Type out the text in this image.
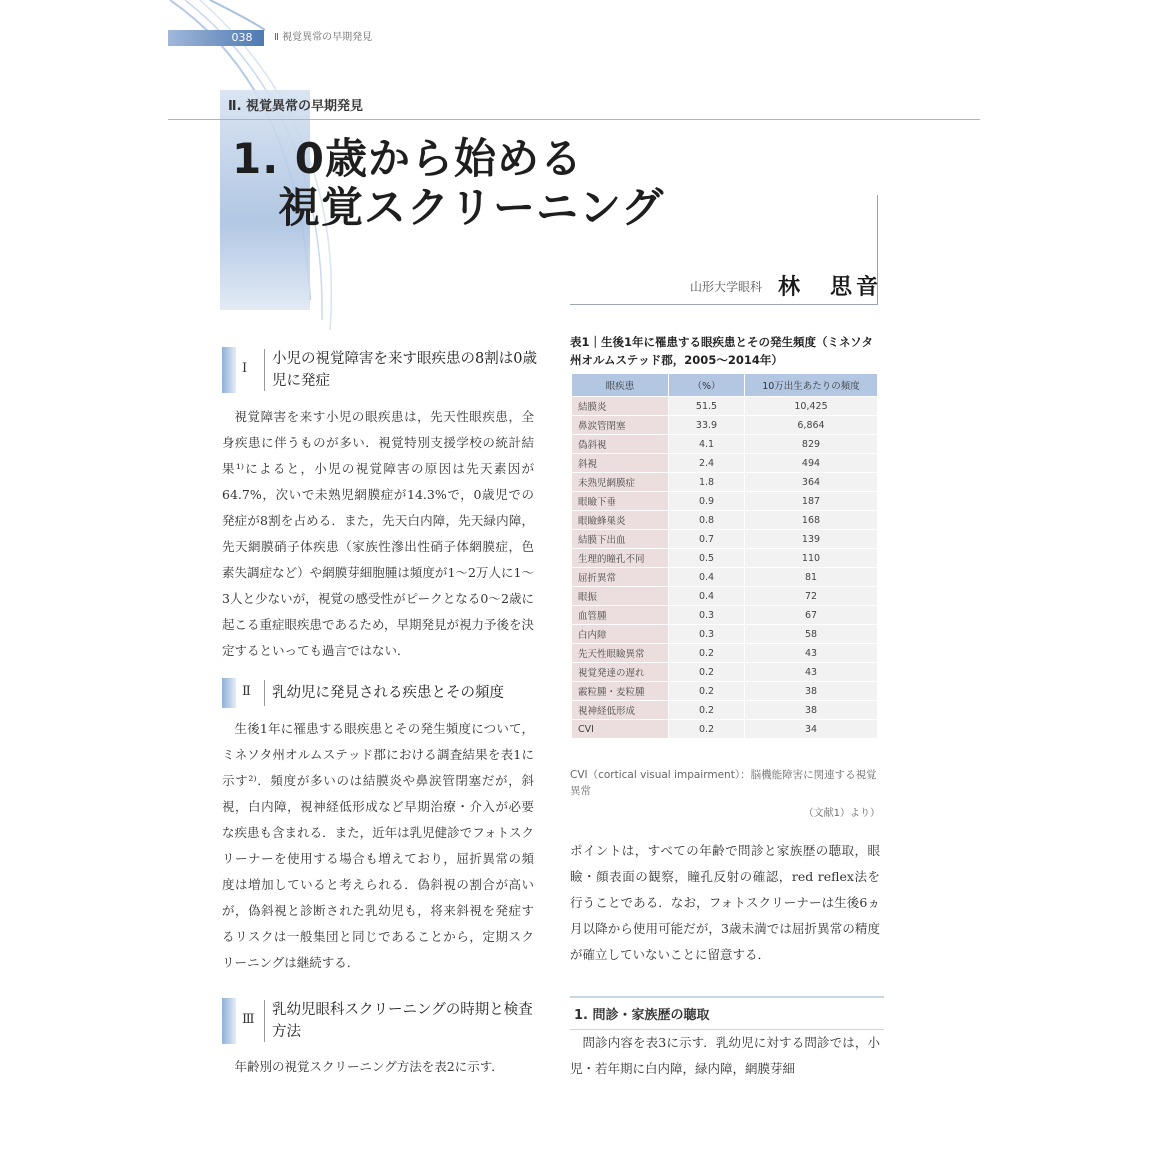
038	Ⅱ 視覚異常の早期発見
Ⅱ. 視覚異常の早期発見
1. 0歳から始める
視覚スクリーニング
山形大学眼科 林　思音
Ⅰ
小児の視覚障害を来す眼疾患の8割は0歳児に発症

視覚障害を来す小児の眼疾患は，先天性眼疾患，全身疾患に伴うものが多い．視覚特別支援学校の統計結果¹⁾によると，小児の視覚障害の原因は先天素因が64.7%，次いで未熟児網膜症が14.3%で，0歳児での発症が8割を占める．また，先天白内障，先天緑内障，先天網膜硝子体疾患（家族性滲出性硝子体網膜症，色素失調症など）や網膜芽細胞腫は頻度が1～2万人に1～3人と少ないが，視覚の感受性がピークとなる0～2歳に起こる重症眼疾患であるため，早期発見が視力予後を決定するといっても過言ではない．

Ⅱ 乳幼児に発見される疾患とその頻度

生後1年に罹患する眼疾患とその発生頻度について，ミネソタ州オルムステッド郡における調査結果を表1に示す²⁾．頻度が多いのは結膜炎や鼻涙管閉塞だが，斜視，白内障，視神経低形成など早期治療・介入が必要な疾患も含まれる．また，近年は乳児健診でフォトスクリーナーを使用する場合も増えており，屈折異常の頻度は増加していると考えられる．偽斜視の割合が高いが，偽斜視と診断された乳幼児も，将来斜視を発症するリスクは一般集団と同じであることから，定期スクリーニングは継続する．

Ⅲ
乳幼児眼科スクリーニングの時期と検査方法

年齢別の視覚スクリーニング方法を表2に示す．

表1｜生後1年に罹患する眼疾患とその発生頻度（ミネソタ州オルムステッド郡，2005～2014年）
眼疾患	（%）	10万出生あたりの頻度
結膜炎	51.5	10,425
鼻涙管閉塞	33.9	6,864
偽斜視	4.1	829
斜視	2.4	494
未熟児網膜症	1.8	364
眼瞼下垂	0.9	187
眼瞼蜂巣炎	0.8	168
結膜下出血	0.7	139
生理的瞳孔不同	0.5	110
屈折異常	0.4	81
眼振	0.4	72
血管腫	0.3	67
白内障	0.3	58
先天性眼瞼異常	0.2	43
視覚発達の遅れ	0.2	43
霰粒腫・麦粒腫	0.2	38
視神経低形成	0.2	38
CVI	0.2	34
CVI（cortical visual impairment）：脳機能障害に関連する視覚異常
（文献1）より）

ポイントは，すべての年齢で問診と家族歴の聴取，眼瞼・顔表面の観察，瞳孔反射の確認，red reflex法を行うことである．なお，フォトスクリーナーは生後6ヵ月以降から使用可能だが，3歳未満では屈折異常の精度が確立していないことに留意する．

1. 問診・家族歴の聴取

問診内容を表3に示す．乳幼児に対する問診では，小児・若年期に白内障，緑内障，網膜芽細
